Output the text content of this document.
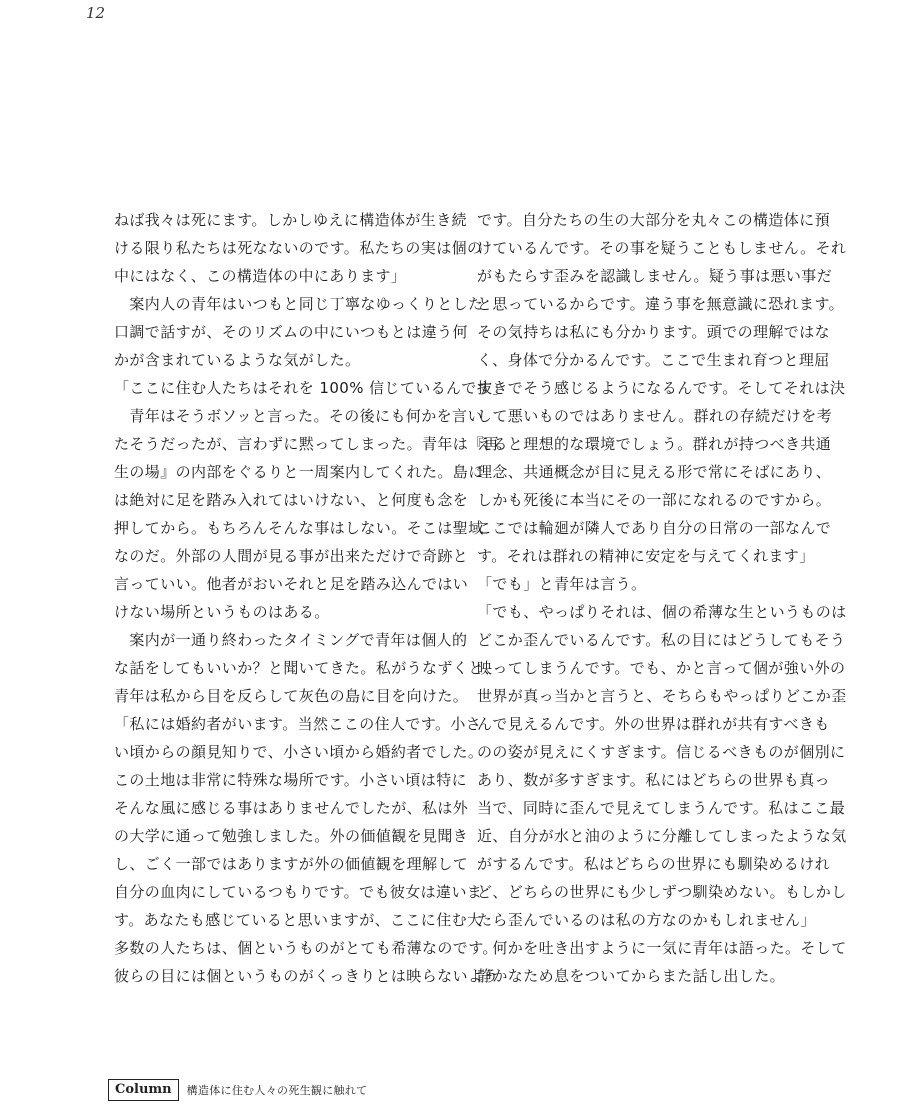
12
ねば我々は死にます。しかしゆえに構造体が生き続
ける限り私たちは死なないのです。私たちの実は個の
中にはなく、この構造体の中にあります」
　案内人の青年はいつもと同じ丁寧なゆっくりとした
口調で話すが、そのリズムの中にいつもとは違う何
かが含まれているような気がした。
「ここに住む人たちはそれを 100% 信じているんです」
　青年はそうボソッと言った。その後にも何かを言い
たそうだったが、言わずに黙ってしまった。青年は『再
生の場』の内部をぐるりと一周案内してくれた。島に
は絶対に足を踏み入れてはいけない、と何度も念を
押してから。もちろんそんな事はしない。そこは聖域
なのだ。外部の人間が見る事が出来ただけで奇跡と
言っていい。他者がおいそれと足を踏み込んではい
けない場所というものはある。
　案内が一通り終わったタイミングで青年は個人的
な話をしてもいいか？と聞いてきた。私がうなずくと、
青年は私から目を反らして灰色の島に目を向けた。
「私には婚約者がいます。当然ここの住人です。小さ
い頃からの顔見知りで、小さい頃から婚約者でした。
この土地は非常に特殊な場所です。小さい頃は特に
そんな風に感じる事はありませんでしたが、私は外
の大学に通って勉強しました。外の価値観を見聞き
し、ごく一部ではありますが外の価値観を理解して
自分の血肉にしているつもりです。でも彼女は違いま
す。あなたも感じていると思いますが、ここに住む大
多数の人たちは、個というものがとても希薄なのです。
彼らの目には個というものがくっきりとは映らないよう
です。自分たちの生の大部分を丸々この構造体に預
けているんです。その事を疑うこともしません。それ
がもたらす歪みを認識しません。疑う事は悪い事だ
と思っているからです。違う事を無意識に恐れます。
その気持ちは私にも分かります。頭での理解ではな
く、身体で分かるんです。ここで生まれ育つと理屈
抜きでそう感じるようになるんです。そしてそれは決
して悪いものではありません。群れの存続だけを考
えると理想的な環境でしょう。群れが持つべき共通
理念、共通概念が目に見える形で常にそばにあり、
しかも死後に本当にその一部になれるのですから。
ここでは輪廻が隣人であり自分の日常の一部なんで
す。それは群れの精神に安定を与えてくれます」
「でも」と青年は言う。
「でも、やっぱりそれは、個の希薄な生というものは
どこか歪んでいるんです。私の目にはどうしてもそう
映ってしまうんです。でも、かと言って個が強い外の
世界が真っ当かと言うと、そちらもやっぱりどこか歪
んで見えるんです。外の世界は群れが共有すべきも
のの姿が見えにくすぎます。信じるべきものが個別に
あり、数が多すぎます。私にはどちらの世界も真っ
当で、同時に歪んで見えてしまうんです。私はここ最
近、自分が水と油のように分離してしまったような気
がするんです。私はどちらの世界にも馴染めるけれ
ど、どちらの世界にも少しずつ馴染めない。もしかし
たら歪んでいるのは私の方なのかもしれません」
　何かを吐き出すように一気に青年は語った。そして
静かなため息をついてからまた話し出した。
Column	構造体に住む人々の死生観に触れて
